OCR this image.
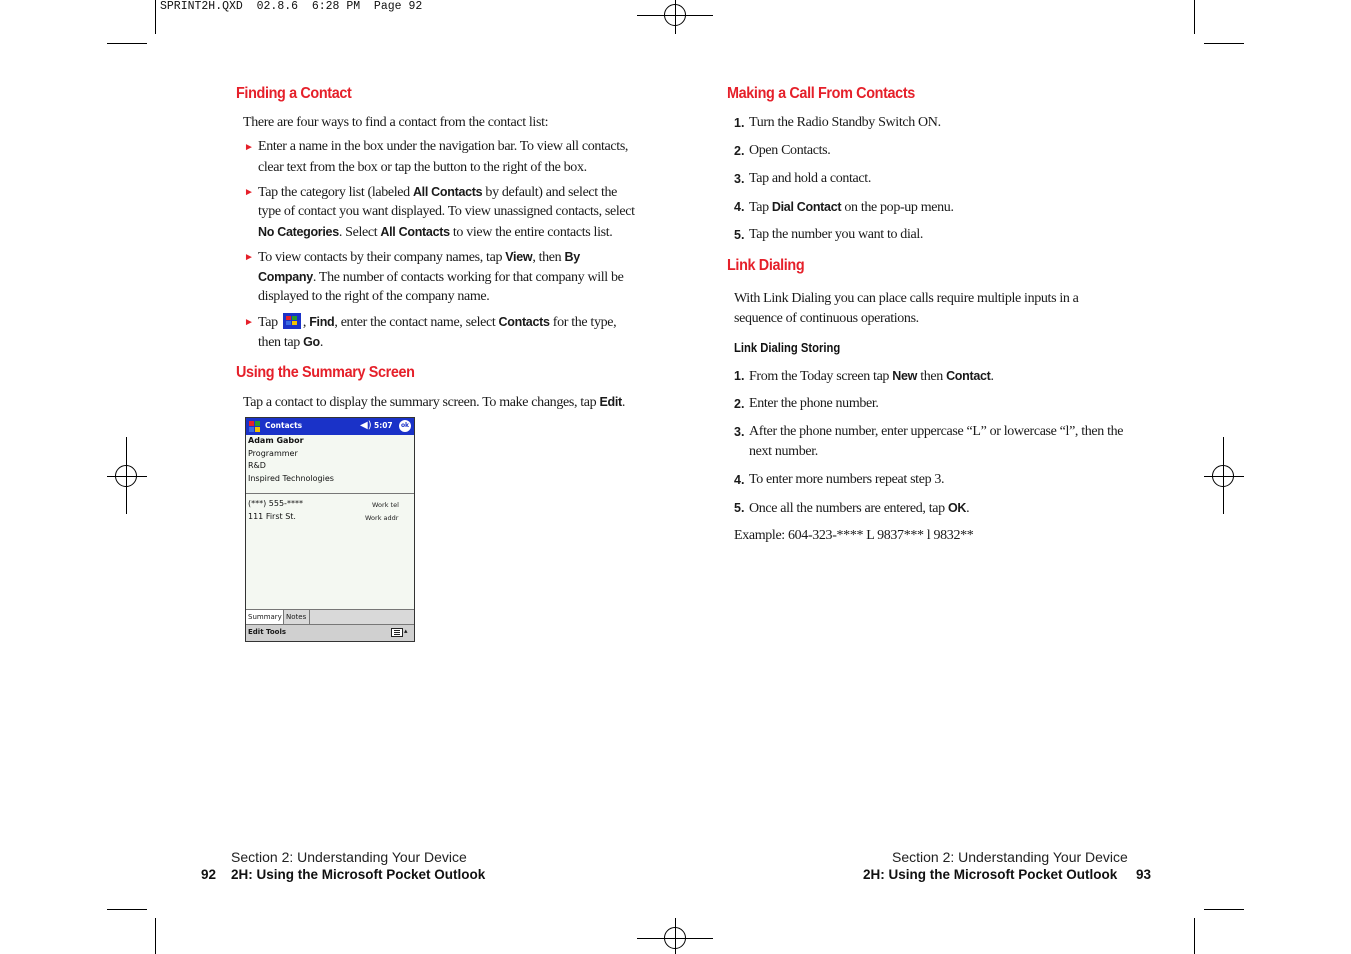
SPRINT2H.QXD  02.8.6  6:28 PM  Page 92
Finding a Contact
There are four ways to find a contact from the contact list:
► Enter a name in the box under the navigation bar. To view all contacts,
clear text from the box or tap the button to the right of the box.
► Tap the category list (labeled All Contacts by default) and select the
type of contact you want displayed. To view unassigned contacts, select
No Categories. Select All Contacts to view the entire contacts list.
► To view contacts by their company names, tap View, then By
Company. The number of contacts working for that company will be
displayed to the right of the company name.
► Tap , Find, enter the contact name, select Contacts for the type,
then tap Go.
Using the Summary Screen
Tap a contact to display the summary screen. To make changes, tap Edit.
Contacts	◀) 5:07	ok
Adam Gabor
Programmer
R&D
Inspired Technologies
(***) 555-****	Work tel
111 First St.	Work addr
Summary Notes
Edit Tools	▴
Section 2: Understanding Your Device
92 2H: Using the Microsoft Pocket Outlook
Making a Call From Contacts
1. Turn the Radio Standby Switch ON.
2. Open Contacts.
3. Tap and hold a contact.
4. Tap Dial Contact on the pop-up menu.
5. Tap the number you want to dial.
Link Dialing
With Link Dialing you can place calls require multiple inputs in a
sequence of continuous operations.
Link Dialing Storing
1. From the Today screen tap New then Contact.
2. Enter the phone number.
3. After the phone number, enter uppercase “L” or lowercase “l”, then the
next number.
4. To enter more numbers repeat step 3.
5. Once all the numbers are entered, tap OK.
Example: 604-323-**** L 9837*** l 9832**
Section 2: Understanding Your Device
2H: Using the Microsoft Pocket Outlook 93
